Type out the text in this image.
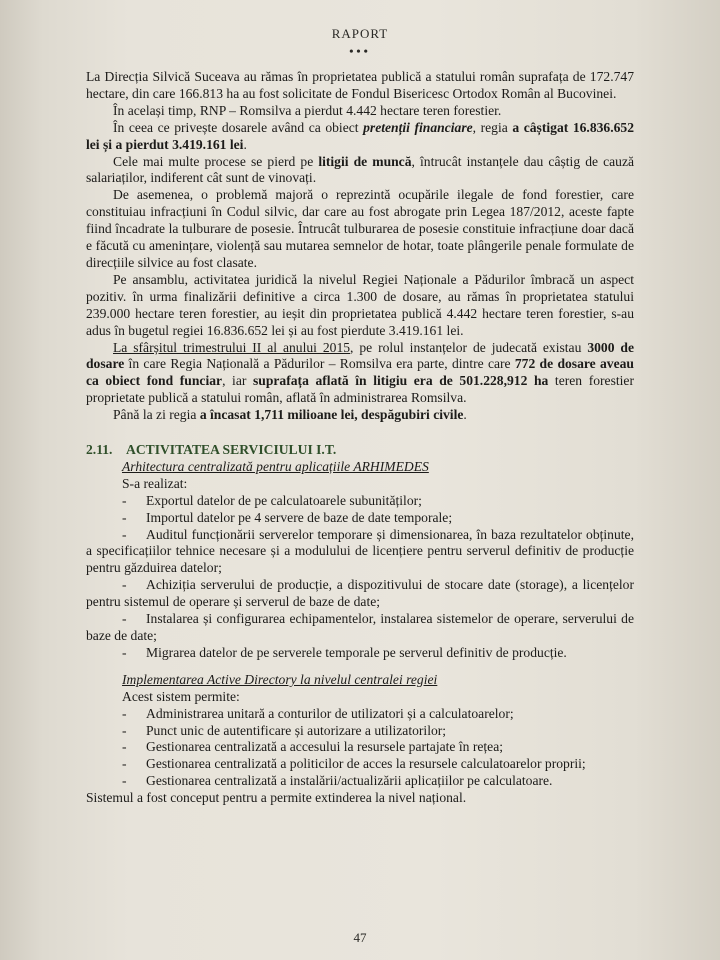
RAPORT
•••

La Direcția Silvică Suceava au rămas în proprietatea publică a statului român suprafața de 172.747 hectare, din care 166.813 ha au fost solicitate de Fondul Bisericesc Ortodox Român al Bucovinei.

În același timp, RNP – Romsilva a pierdut 4.442 hectare teren forestier.

În ceea ce privește dosarele având ca obiect pretenții financiare, regia a câștigat 16.836.652 lei și a pierdut 3.419.161 lei.

Cele mai multe procese se pierd pe litigii de muncă, întrucât instanțele dau câștig de cauză salariaților, indiferent cât sunt de vinovați.

De asemenea, o problemă majoră o reprezintă ocupările ilegale de fond forestier, care constituiau infracțiuni în Codul silvic, dar care au fost abrogate prin Legea 187/2012, aceste fapte fiind încadrate la tulburare de posesie. Întrucât tulburarea de posesie constituie infracțiune doar dacă e făcută cu amenințare, violență sau mutarea semnelor de hotar, toate plângerile penale formulate de direcțiile silvice au fost clasate.

Pe ansamblu, activitatea juridică la nivelul Regiei Naționale a Pădurilor îmbracă un aspect pozitiv. în urma finalizării definitive a circa 1.300 de dosare, au rămas în proprietatea statului 239.000 hectare teren forestier, au ieșit din proprietatea publică 4.442 hectare teren forestier, s-au adus în bugetul regiei 16.836.652 lei și au fost pierdute 3.419.161 lei.

La sfârșitul trimestrului II al anului 2015, pe rolul instanțelor de judecată existau 3000 de dosare în care Regia Națională a Pădurilor – Romsilva era parte, dintre care 772 de dosare aveau ca obiect fond funciar, iar suprafața aflată în litigiu era de 501.228,912 ha teren forestier proprietate publică a statului român, aflată în administrarea Romsilva.

Până la zi regia a încasat 1,711 milioane lei, despăgubiri civile.

2.11. ACTIVITATEA SERVICIULUI I.T.
Arhitectura centralizată pentru aplicațiile ARHIMEDES
S-a realizat:
- Exportul datelor de pe calculatoarele subunităților;
- Importul datelor pe 4 servere de baze de date temporale;
- Auditul funcționării serverelor temporare și dimensionarea, în baza rezultatelor obținute, a specificațiilor tehnice necesare și a modulului de licențiere pentru serverul definitiv de producție pentru găzduirea datelor;
- Achiziția serverului de producție, a dispozitivului de stocare date (storage), a licențelor pentru sistemul de operare și serverul de baze de date;
- Instalarea și configurarea echipamentelor, instalarea sistemelor de operare, serverului de baze de date;
- Migrarea datelor de pe serverele temporale pe serverul definitiv de producție.
Implementarea Active Directory la nivelul centralei regiei
Acest sistem permite:
- Administrarea unitară a conturilor de utilizatori și a calculatoarelor;
- Punct unic de autentificare și autorizare a utilizatorilor;
- Gestionarea centralizată a accesului la resursele partajate în rețea;
- Gestionarea centralizată a politicilor de acces la resursele calculatoarelor proprii;
- Gestionarea centralizată a instalării/actualizării aplicațiilor pe calculatoare.

Sistemul a fost conceput pentru a permite extinderea la nivel național.

47
